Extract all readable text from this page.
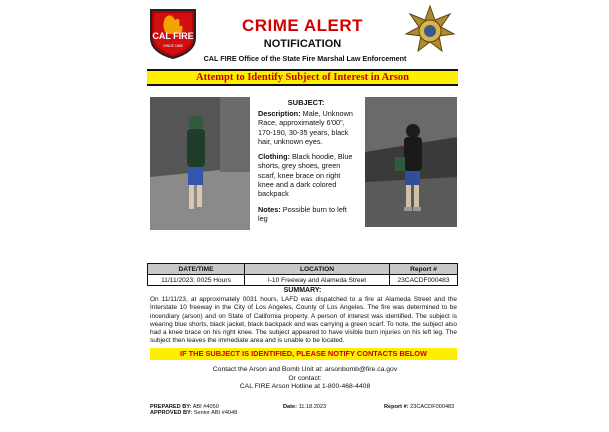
CAL FIRE
SINCE 1885
CRIME ALERT
NOTIFICATION
CAL FIRE Office of the State Fire Marshal Law Enforcement
Attempt to Identify Subject of Interest in Arson
SUBJECT:

Description: Male, Unknown Race, approximately 6'00", 170-190, 30-35 years, black hair, unknown eyes.

Clothing: Black hoodie, Blue shorts, grey shoes, green scarf, knee brace on right knee and a dark colored backpack

Notes: Possible burn to left leg

DATE/TIME	LOCATION	Report #
11/11/2023; 0025 Hours	I-10 Freeway and Alameda Street	23CACDF000483
SUMMARY:
On 11/11/23, at approximately 0031 hours, LAFD was dispatched to a fire at Alameda Street and the Interstate 10 freeway in the City of Los Angeles, County of Los Angeles. The fire was determined to be incendiary (arson) and on State of California property. A person of interest was identified. The subject is wearing blue shorts, black jacket, black backpack and was carrying a green scarf. To note, the subject also had a knee brace on his right knee. The subject appeared to have visible burn injuries on his left leg. The subject then leaves the immediate area and is unable to be located.
IF THE SUBJECT IS IDENTIFIED, PLEASE NOTIFY CONTACTS BELOW
Contact the Arson and Bomb Unit at: arsonbomb@fire.ca.gov
Or contact:
CAL FIRE Arson Hotline at 1-800-468-4408
PREPARED BY: ABI #4050
APPROVED BY: Senior ABI #4048
Date: 11.18.2023	Report #: 23CACDF000483
